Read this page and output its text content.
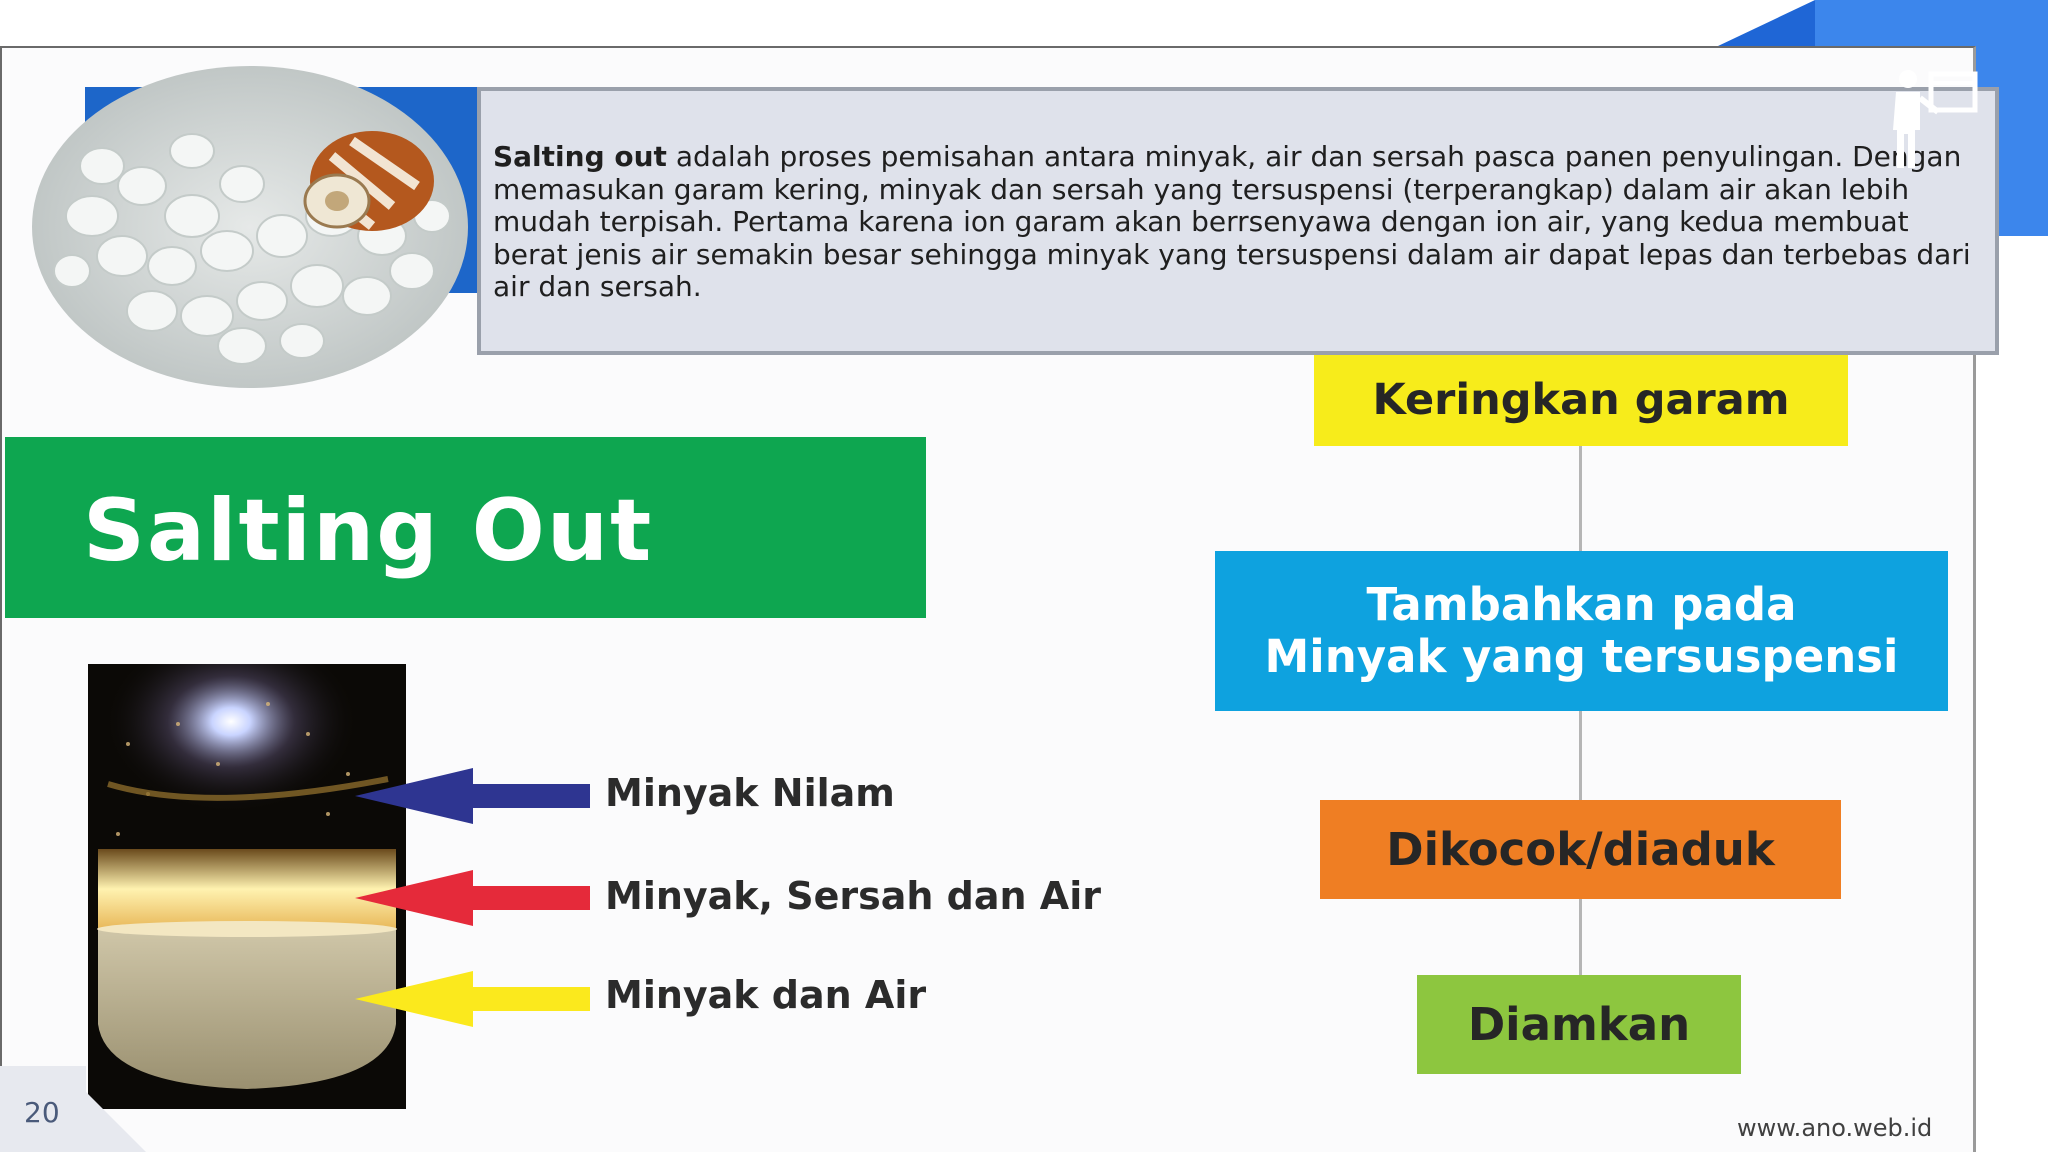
Salting out adalah proses pemisahan antara minyak, air dan sersah pasca panen penyulingan. Dengan memasukan garam kering, minyak dan sersah yang tersuspensi (terperangkap) dalam air akan lebih mudah terpisah. Pertama karena ion garam akan berrsenyawa dengan ion air, yang kedua membuat berat jenis air semakin besar sehingga minyak yang tersuspensi dalam air dapat lepas dan terbebas dari air dan sersah.

Salting Out
Minyak Nilam
Minyak, Sersah dan Air
Minyak dan Air
Keringkan garam
Tambahkan pada
Minyak yang tersuspensi
Dikocok/diaduk
Diamkan
www.ano.web.id
20
